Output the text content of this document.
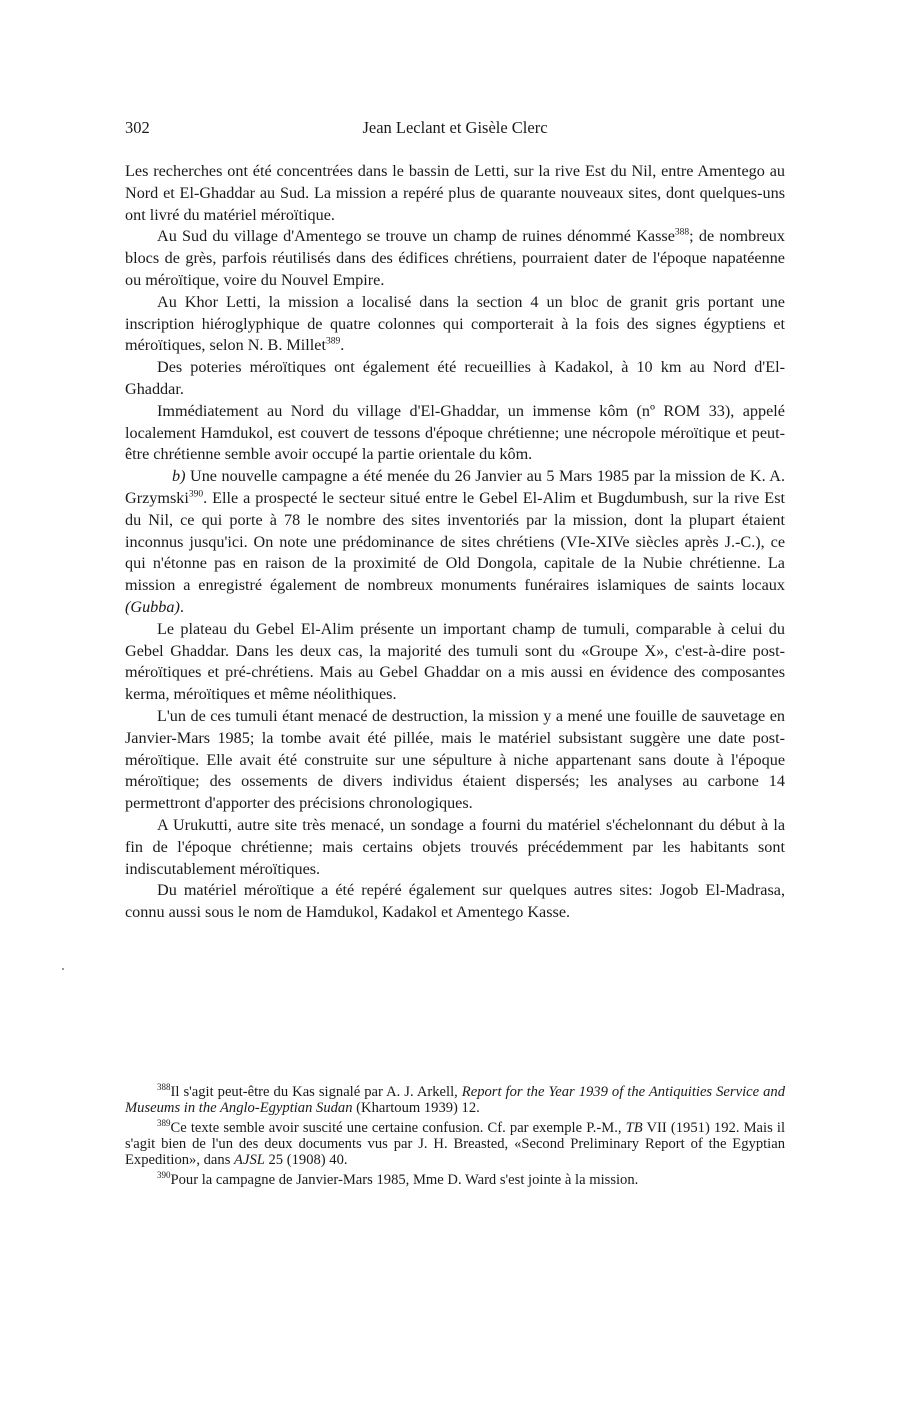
302	Jean Leclant et Gisèle Clerc

Les recherches ont été concentrées dans le bassin de Letti, sur la rive Est du Nil, entre Amentego au Nord et El-Ghaddar au Sud. La mission a repéré plus de quarante nouveaux sites, dont quelques-uns ont livré du matériel méroïtique.

Au Sud du village d'Amentego se trouve un champ de ruines dénommé Kasse$^{388}$; de nombreux blocs de grès, parfois réutilisés dans des édifices chrétiens, pourraient dater de l'époque napatéenne ou méroïtique, voire du Nouvel Empire.

Au Khor Letti, la mission a localisé dans la section 4 un bloc de granit gris portant une inscription hiéroglyphique de quatre colonnes qui comporterait à la fois des signes égyptiens et méroïtiques, selon N. B. Millet$^{389}$.

Des poteries méroïtiques ont également été recueillies à Kadakol, à 10 km au Nord d'El-Ghaddar.

Immédiatement au Nord du village d'El-Ghaddar, un immense kôm (nº ROM 33), appelé localement Hamdukol, est couvert de tessons d'époque chrétienne; une nécropole méroïtique et peut-être chrétienne semble avoir occupé la partie orientale du kôm.

b) Une nouvelle campagne a été menée du 26 Janvier au 5 Mars 1985 par la mission de K. A. Grzymski$^{390}$. Elle a prospecté le secteur situé entre le Gebel El-Alim et Bugdumbush, sur la rive Est du Nil, ce qui porte à 78 le nombre des sites inventoriés par la mission, dont la plupart étaient inconnus jusqu'ici. On note une prédominance de sites chrétiens (VIe-XIVe siècles après J.-C.), ce qui n'étonne pas en raison de la proximité de Old Dongola, capitale de la Nubie chrétienne. La mission a enregistré également de nombreux monuments funéraires islamiques de saints locaux (Gubba).

Le plateau du Gebel El-Alim présente un important champ de tumuli, comparable à celui du Gebel Ghaddar. Dans les deux cas, la majorité des tumuli sont du «Groupe X», c'est-à-dire post-méroïtiques et pré-chrétiens. Mais au Gebel Ghaddar on a mis aussi en évidence des composantes kerma, méroïtiques et même néolithiques.

L'un de ces tumuli étant menacé de destruction, la mission y a mené une fouille de sauvetage en Janvier-Mars 1985; la tombe avait été pillée, mais le matériel subsistant suggère une date post-méroïtique. Elle avait été construite sur une sépulture à niche appartenant sans doute à l'époque méroïtique; des ossements de divers individus étaient dispersés; les analyses au carbone 14 permettront d'apporter des précisions chronologiques.

A Urukutti, autre site très menacé, un sondage a fourni du matériel s'échelonnant du début à la fin de l'époque chrétienne; mais certains objets trouvés précédemment par les habitants sont indiscutablement méroïtiques.

Du matériel méroïtique a été repéré également sur quelques autres sites: Jogob El-Madrasa, connu aussi sous le nom de Hamdukol, Kadakol et Amentego Kasse.

$^{388}$Il s'agit peut-être du Kas signalé par A. J. Arkell, Report for the Year 1939 of the Antiquities Service and Museums in the Anglo-Egyptian Sudan (Khartoum 1939) 12.

$^{389}$Ce texte semble avoir suscité une certaine confusion. Cf. par exemple P.-M., TB VII (1951) 192. Mais il s'agit bien de l'un des deux documents vus par J. H. Breasted, «Second Preliminary Report of the Egyptian Expedition», dans AJSL 25 (1908) 40.

$^{390}$Pour la campagne de Janvier-Mars 1985, Mme D. Ward s'est jointe à la mission.
